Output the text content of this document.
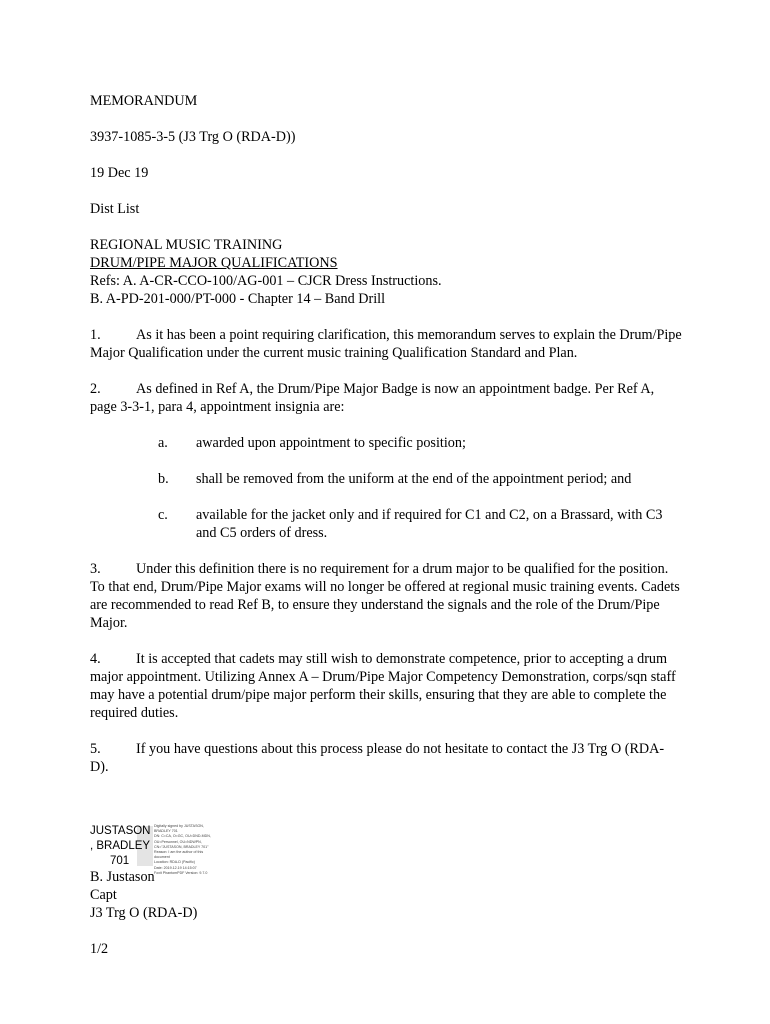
MEMORANDUM
3937-1085-3-5 (J3 Trg O (RDA-D))
19 Dec 19
Dist List
REGIONAL MUSIC TRAINING
DRUM/PIPE MAJOR QUALIFICATIONS
Refs: A. A-CR-CCO-100/AG-001 – CJCR Dress Instructions.
B. A-PD-201-000/PT-000 - Chapter 14 – Band Drill
1. As it has been a point requiring clarification, this memorandum serves to explain the Drum/Pipe Major Qualification under the current music training Qualification Standard and Plan.
2. As defined in Ref A, the Drum/Pipe Major Badge is now an appointment badge. Per Ref A, page 3-3-1, para 4, appointment insignia are:
a.	awarded upon appointment to specific position;
b.	shall be removed from the uniform at the end of the appointment period; and
c.	available for the jacket only and if required for C1 and C2, on a Brassard, with C3 and C5 orders of dress.
3. Under this definition there is no requirement for a drum major to be qualified for the position. To that end, Drum/Pipe Major exams will no longer be offered at regional music training events. Cadets are recommended to read Ref B, to ensure they understand the signals and the role of the Drum/Pipe Major.
4. It is accepted that cadets may still wish to demonstrate competence, prior to accepting a drum major appointment. Utilizing Annex A – Drum/Pipe Major Competency Demonstration, corps/sqn staff may have a potential drum/pipe major perform their skills, ensuring that they are able to complete the required duties.
5. If you have questions about this process please do not hesitate to contact the J3 Trg O (RDA-D).
JUSTASON
, BRADLEY
701
Digitally signed by JUSTASON,
BRADLEY 701
DN: C=CA, O=GC, OU=DND-MDN,
OU=Personnel, OU=NDWPN,
CN="JUSTASON, BRADLEY 701"
Reason: I am the author of this
document
Location: RDA-D (Pacific)
Date: 2019.12.19 14:15:07
Foxit PhantomPDF Version: 9.7.0
B. Justason
Capt
J3 Trg O (RDA-D)
1/2
